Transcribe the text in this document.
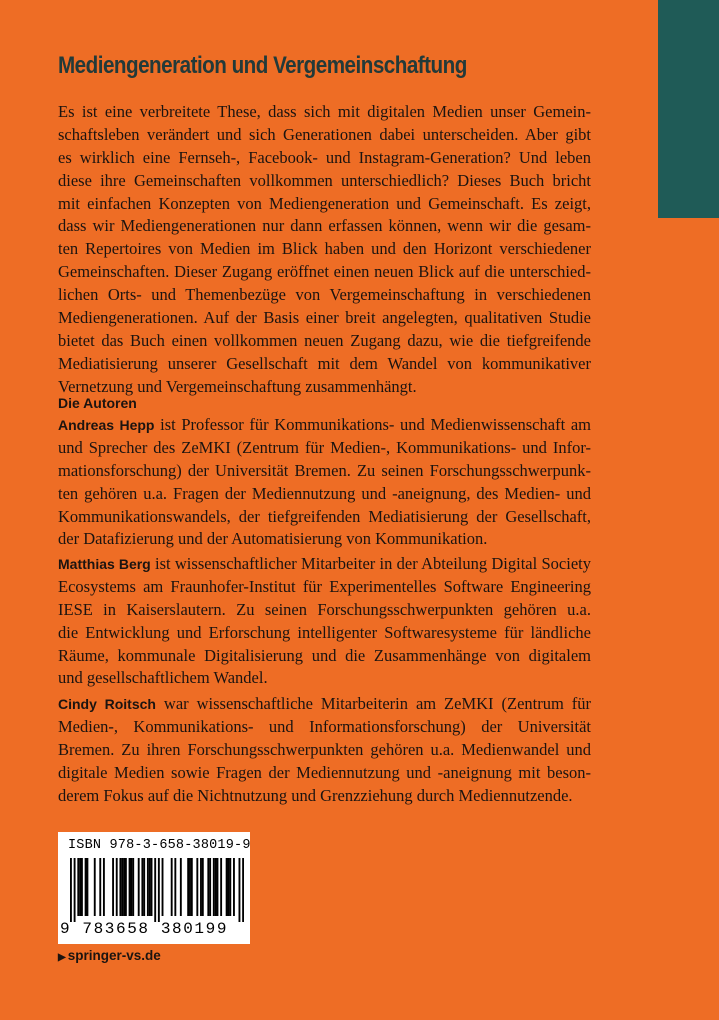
Mediengeneration und Vergemeinschaftung
Es ist eine verbreitete These, dass sich mit digitalen Medien unser Gemein-
schaftsleben verändert und sich Generationen dabei unterscheiden. Aber gibt
es wirklich eine Fernseh-, Facebook- und Instagram-Generation? Und leben
diese ihre Gemeinschaften vollkommen unterschiedlich? Dieses Buch bricht
mit einfachen Konzepten von Mediengeneration und Gemeinschaft. Es zeigt,
dass wir Mediengenerationen nur dann erfassen können, wenn wir die gesam-
ten Repertoires von Medien im Blick haben und den Horizont verschiedener
Gemeinschaften. Dieser Zugang eröffnet einen neuen Blick auf die unterschied-
lichen Orts- und Themenbezüge von Vergemeinschaftung in verschiedenen
Mediengenerationen. Auf der Basis einer breit angelegten, qualitativen Studie
bietet das Buch einen vollkommen neuen Zugang dazu, wie die tiefgreifende
Mediatisierung unserer Gesellschaft mit dem Wandel von kommunikativer
Vernetzung und Vergemeinschaftung zusammenhängt.
Die Autoren
Andreas Hepp ist Professor für Kommunikations- und Medienwissenschaft am
und Sprecher des ZeMKI (Zentrum für Medien-, Kommunikations- und Infor-
mationsforschung) der Universität Bremen. Zu seinen Forschungsschwerpunk-
ten gehören u.a. Fragen der Mediennutzung und -aneignung, des Medien- und
Kommunikationswandels, der tiefgreifenden Mediatisierung der Gesellschaft,
der Datafizierung und der Automatisierung von Kommunikation.
Matthias Berg ist wissenschaftlicher Mitarbeiter in der Abteilung Digital Society
Ecosystems am Fraunhofer-Institut für Experimentelles Software Engineering
IESE in Kaiserslautern. Zu seinen Forschungsschwerpunkten gehören u.a.
die Entwicklung und Erforschung intelligenter Softwaresysteme für ländliche
Räume, kommunale Digitalisierung und die Zusammenhänge von digitalem
und gesellschaftlichem Wandel.
Cindy Roitsch war wissenschaftliche Mitarbeiterin am ZeMKI (Zentrum für
Medien-, Kommunikations- und Informationsforschung) der Universität
Bremen. Zu ihren Forschungsschwerpunkten gehören u.a. Medienwandel und
digitale Medien sowie Fragen der Mediennutzung und -aneignung mit beson-
derem Fokus auf die Nichtnutzung und Grenzziehung durch Mediennutzende.
ISBN 978-3-658-38019-9
9 783658 380199
▶ springer-vs.de
